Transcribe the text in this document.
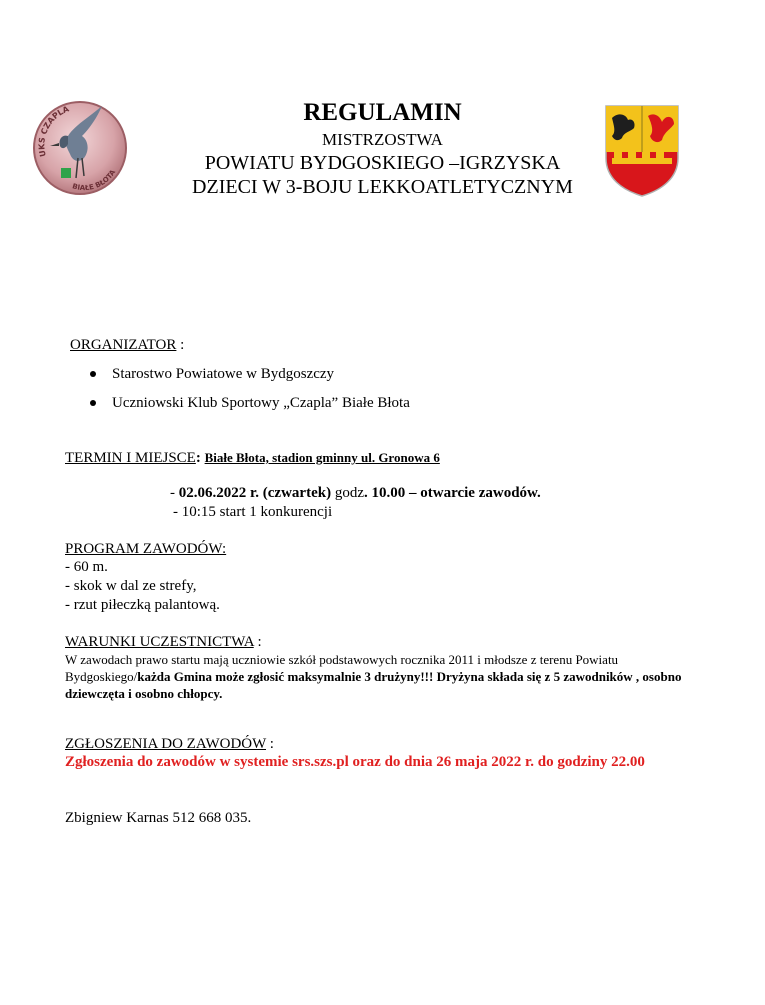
UKS CZAPLA
BIAŁE BŁOTA
REGULAMIN
MISTRZOSTWA
POWIATU BYDGOSKIEGO –IGRZYSKA
DZIECI W 3-BOJU LEKKOATLETYCZNYM
ORGANIZATOR :
Starostwo Powiatowe w Bydgoszczy
Uczniowski Klub Sportowy „Czapla” Białe Błota
TERMIN I MIEJSCE: Białe Błota, stadion gminny ul. Gronowa 6
- 02.06.2022 r. (czwartek) godz. 10.00 – otwarcie zawodów.
- 10:15 start 1 konkurencji
PROGRAM ZAWODÓW:
- 60 m.
- skok w dal ze strefy,
- rzut piłeczką palantową.
WARUNKI UCZESTNICTWA :
W zawodach prawo startu mają uczniowie szkół podstawowych rocznika 2011 i młodsze z terenu Powiatu Bydgoskiego/każda Gmina może zgłosić maksymalnie 3 drużyny!!! Dryżyna składa się z 5 zawodników , osobno dziewczęta i osobno chłopcy.
ZGŁOSZENIA DO ZAWODÓW :
Zgłoszenia do zawodów w systemie srs.szs.pl oraz do dnia 26 maja 2022 r. do godziny 22.00
Zbigniew Karnas 512 668 035.
